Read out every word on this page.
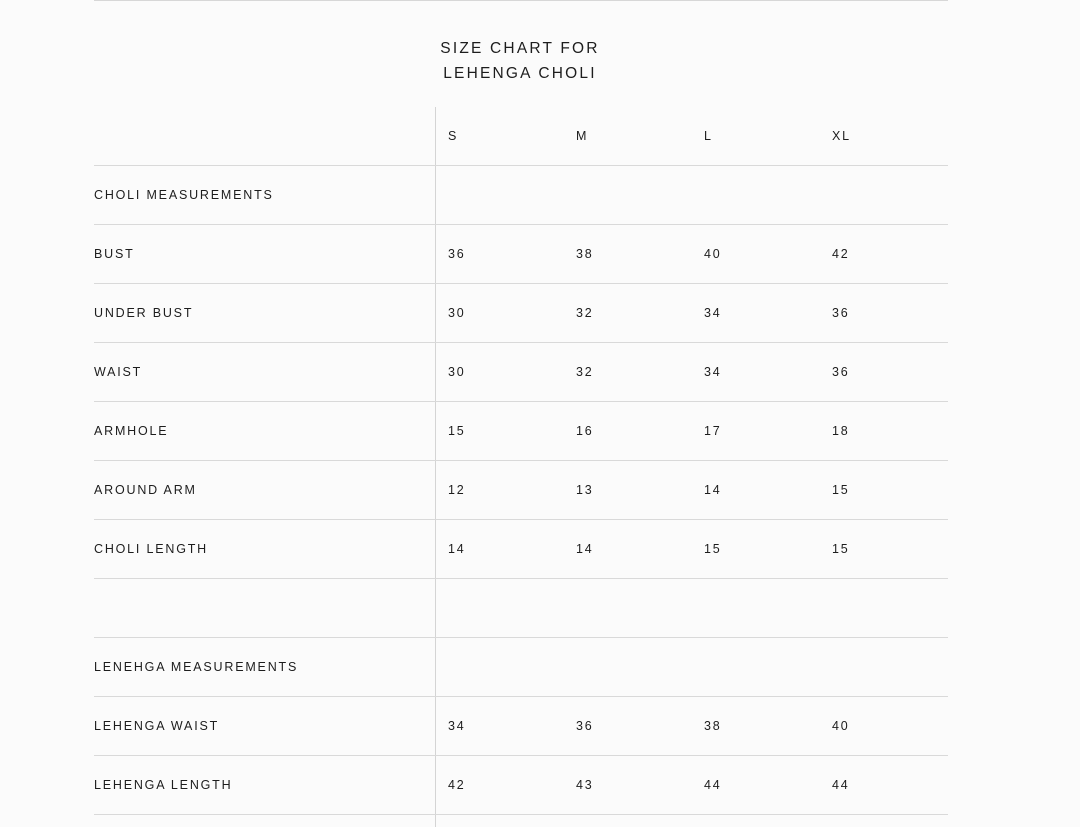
SIZE CHART FOR
LEHENGA CHOLI
S	M	L	XL
CHOLI MEASUREMENTS
BUST	36	38	40	42
UNDER BUST	30	32	34	36
WAIST	30	32	34	36
ARMHOLE	15	16	17	18
AROUND ARM	12	13	14	15
CHOLI LENGTH	14	14	15	15
LENEHGA MEASUREMENTS
LEHENGA WAIST	34	36	38	40
LEHENGA LENGTH	42	43	44	44
